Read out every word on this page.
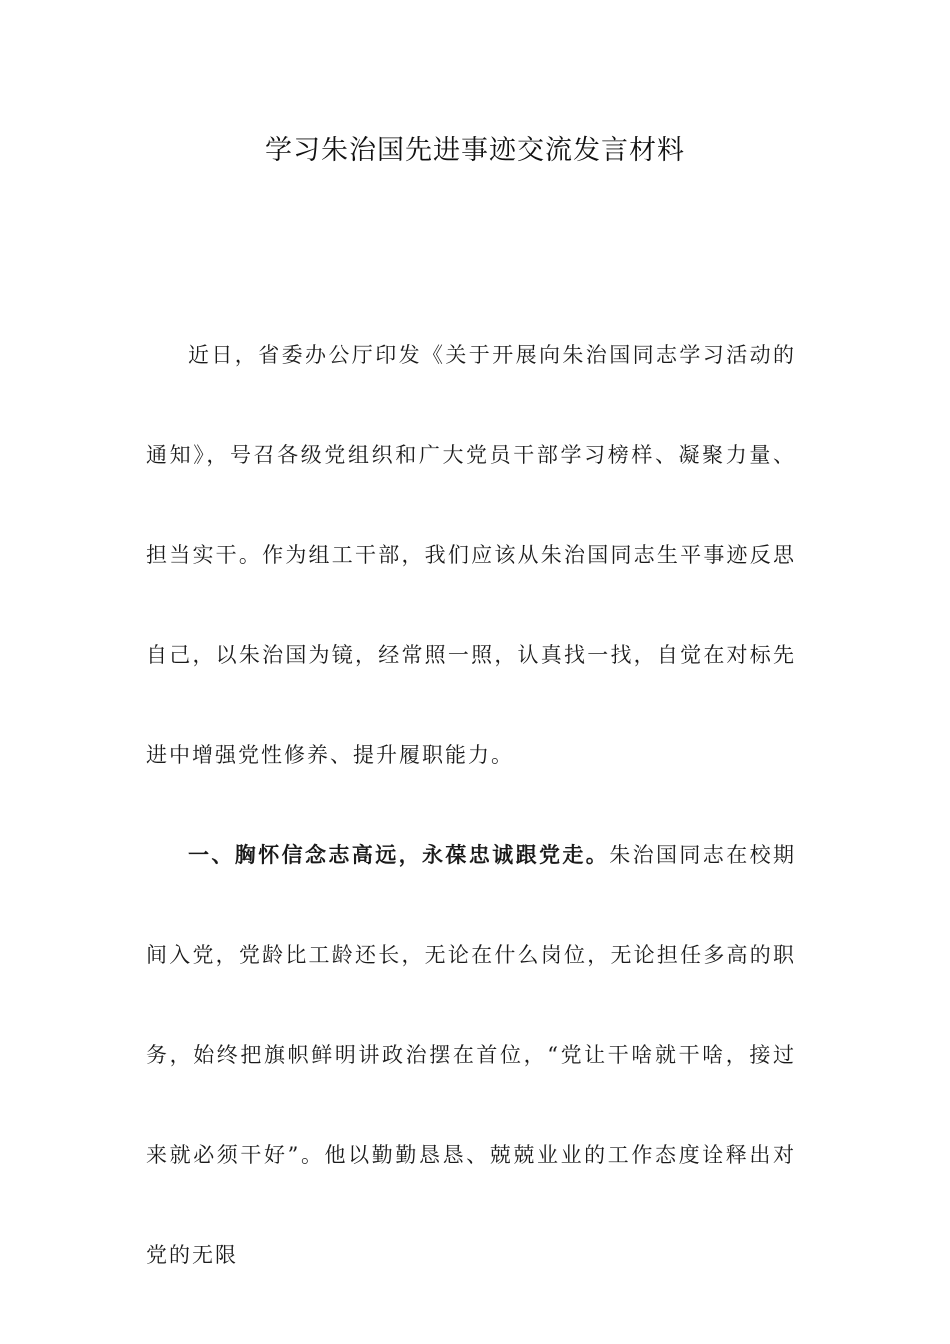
学习朱治国先进事迹交流发言材料

近日，省委办公厅印发《关于开展向朱治国同志学习活动的通知》，号召各级党组织和广大党员干部学习榜样、凝聚力量、担当实干。作为组工干部，我们应该从朱治国同志生平事迹反思自己，以朱治国为镜，经常照一照，认真找一找，自觉在对标先进中增强党性修养、提升履职能力。

一、胸怀信念志高远，永葆忠诚跟党走。朱治国同志在校期间入党，党龄比工龄还长，无论在什么岗位，无论担任多高的职务，始终把旗帜鲜明讲政治摆在首位，“党让干啥就干啥，接过来就必须干好”。他以勤勤恳恳、兢兢业业的工作态度诠释出对党的无限
